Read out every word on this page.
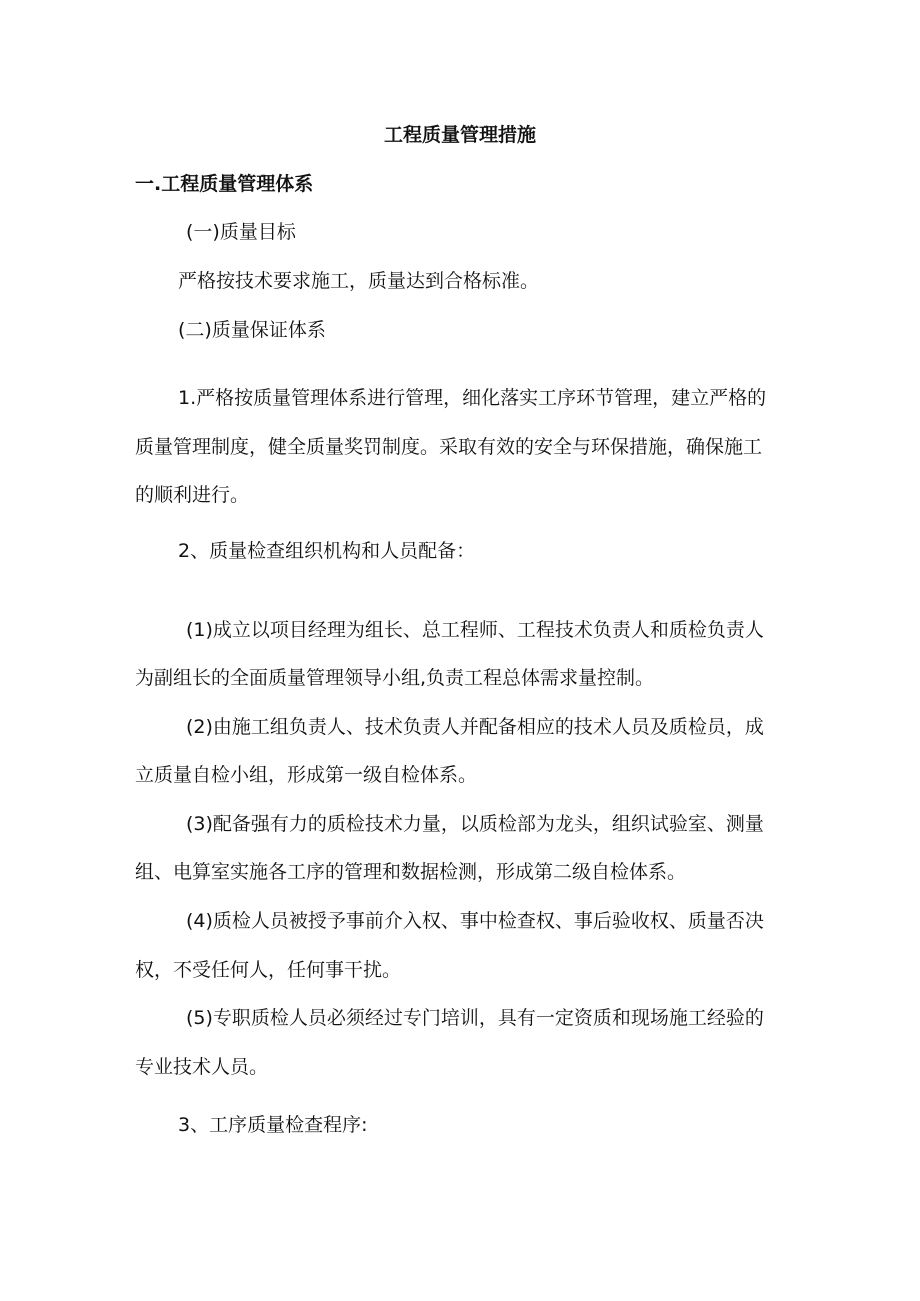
工程质量管理措施
一.工程质量管理体系
(一)质量目标
严格按技术要求施工，质量达到合格标准。
(二)质量保证体系
1.严格按质量管理体系进行管理，细化落实工序环节管理，建立严格的
质量管理制度，健全质量奖罚制度。采取有效的安全与环保措施，确保施工
的顺利进行。
2、质量检查组织机构和人员配备：
(1)成立以项目经理为组长、总工程师、工程技术负责人和质检负责人
为副组长的全面质量管理领导小组,负责工程总体需求量控制。
(2)由施工组负责人、技术负责人并配备相应的技术人员及质检员，成
立质量自检小组，形成第一级自检体系。
(3)配备强有力的质检技术力量，以质检部为龙头，组织试验室、测量
组、电算室实施各工序的管理和数据检测，形成第二级自检体系。
(4)质检人员被授予事前介入权、事中检查权、事后验收权、质量否决
权，不受任何人，任何事干扰。
(5)专职质检人员必须经过专门培训，具有一定资质和现场施工经验的
专业技术人员。
3、工序质量检查程序:
